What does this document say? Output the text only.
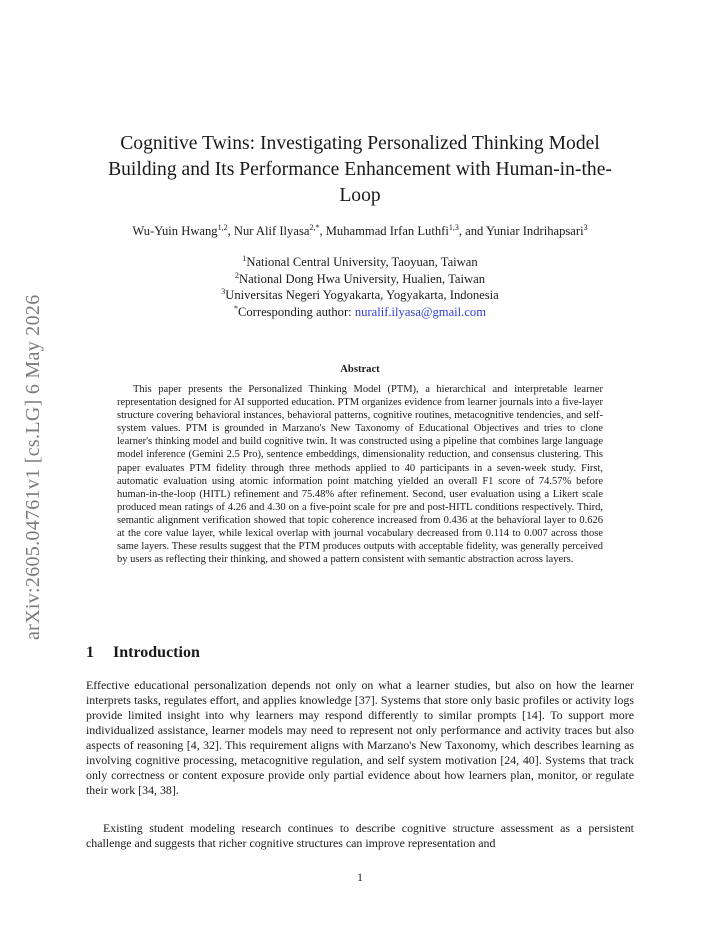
arXiv:2605.04761v1 [cs.LG] 6 May 2026
Cognitive Twins: Investigating Personalized Thinking Model Building and Its Performance Enhancement with Human-in-the-Loop
Wu-Yuin Hwang$^{1,2}$, Nur Alif Ilyasa$^{2,*}$, Muhammad Irfan Luthfi$^{1,3}$, and Yuniar Indrihapsari$^3$
$^1$National Central University, Taoyuan, Taiwan
$^2$National Dong Hwa University, Hualien, Taiwan
$^3$Universitas Negeri Yogyakarta, Yogyakarta, Indonesia
*Corresponding author: nuralif.ilyasa@gmail.com
Abstract

This paper presents the Personalized Thinking Model (PTM), a hierarchical and interpretable learner representation designed for AI supported education. PTM organizes evidence from learner journals into a five-layer structure covering behavioral instances, behavioral patterns, cognitive routines, metacognitive tendencies, and self-system values. PTM is grounded in Marzano's New Taxonomy of Educational Objectives and tries to clone learner's thinking model and build cognitive twin. It was constructed using a pipeline that combines large language model inference (Gemini 2.5 Pro), sentence embeddings, dimensionality reduction, and consensus clustering. This paper evaluates PTM fidelity through three methods applied to 40 participants in a seven-week study. First, automatic evaluation using atomic information point matching yielded an overall F1 score of 74.57% before human-in-the-loop (HITL) refinement and 75.48% after refinement. Second, user evaluation using a Likert scale produced mean ratings of 4.26 and 4.30 on a five-point scale for pre and post-HITL conditions respectively. Third, semantic alignment verification showed that topic coherence increased from 0.436 at the behavioral layer to 0.626 at the core value layer, while lexical overlap with journal vocabulary decreased from 0.114 to 0.007 across those same layers. These results suggest that the PTM produces outputs with acceptable fidelity, was generally perceived by users as reflecting their thinking, and showed a pattern consistent with semantic abstraction across layers.

1 Introduction

Effective educational personalization depends not only on what a learner studies, but also on how the learner interprets tasks, regulates effort, and applies knowledge [37]. Systems that store only basic profiles or activity logs provide limited insight into why learners may respond differently to similar prompts [14]. To support more individualized assistance, learner models may need to represent not only performance and activity traces but also aspects of reasoning [4, 32]. This requirement aligns with Marzano's New Taxonomy, which describes learning as involving cognitive processing, metacognitive regulation, and self system motivation [24, 40]. Systems that track only correctness or content exposure provide only partial evidence about how learners plan, monitor, or regulate their work [34, 38].

Existing student modeling research continues to describe cognitive structure assessment as a persistent challenge and suggests that richer cognitive structures can improve representation and

1
